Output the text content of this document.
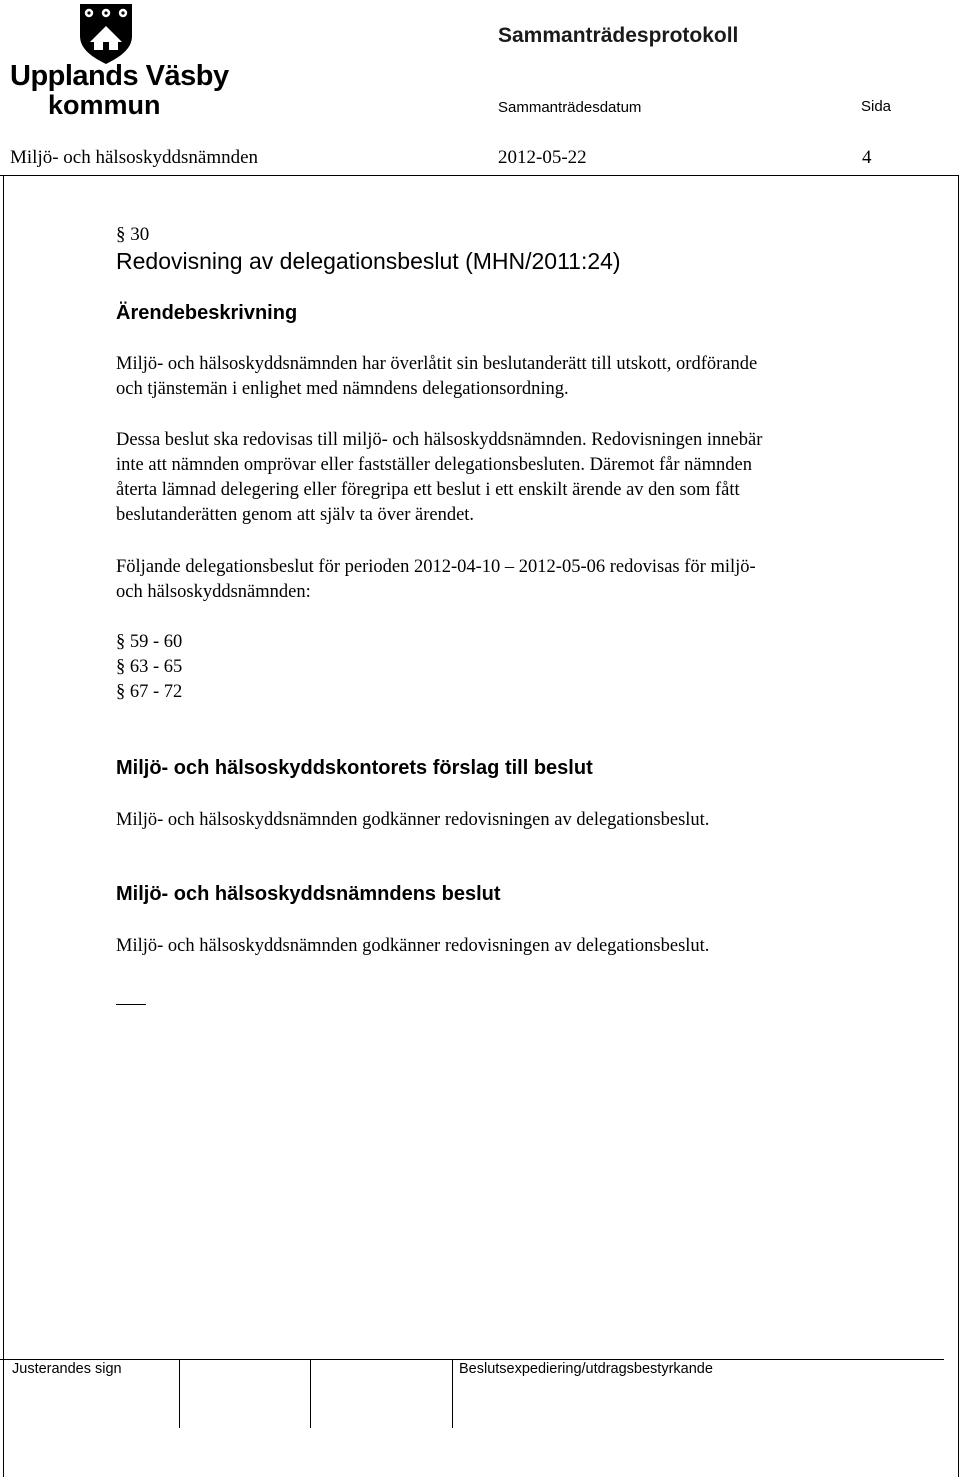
Upplands Väsby
kommun
Sammanträdesprotokoll
Sammanträdesdatum	Sida
Miljö- och hälsoskyddsnämnden	2012-05-22	4
§ 30
Redovisning av delegationsbeslut (MHN/2011:24)
Ärendebeskrivning
Miljö- och hälsoskyddsnämnden har överlåtit sin beslutanderätt till utskott, ordförande
och tjänstemän i enlighet med nämndens delegationsordning.
Dessa beslut ska redovisas till miljö- och hälsoskyddsnämnden. Redovisningen innebär
inte att nämnden omprövar eller fastställer delegationsbesluten. Däremot får nämnden
återta lämnad delegering eller föregripa ett beslut i ett enskilt ärende av den som fått
beslutanderätten genom att själv ta över ärendet.
Följande delegationsbeslut för perioden 2012-04-10 – 2012-05-06 redovisas för miljö-
och hälsoskyddsnämnden:
§ 59 - 60
§ 63 - 65
§ 67 - 72
Miljö- och hälsoskyddskontorets förslag till beslut
Miljö- och hälsoskyddsnämnden godkänner redovisningen av delegationsbeslut.
Miljö- och hälsoskyddsnämndens beslut
Miljö- och hälsoskyddsnämnden godkänner redovisningen av delegationsbeslut.
Justerandes sign	Beslutsexpediering/utdragsbestyrkande
